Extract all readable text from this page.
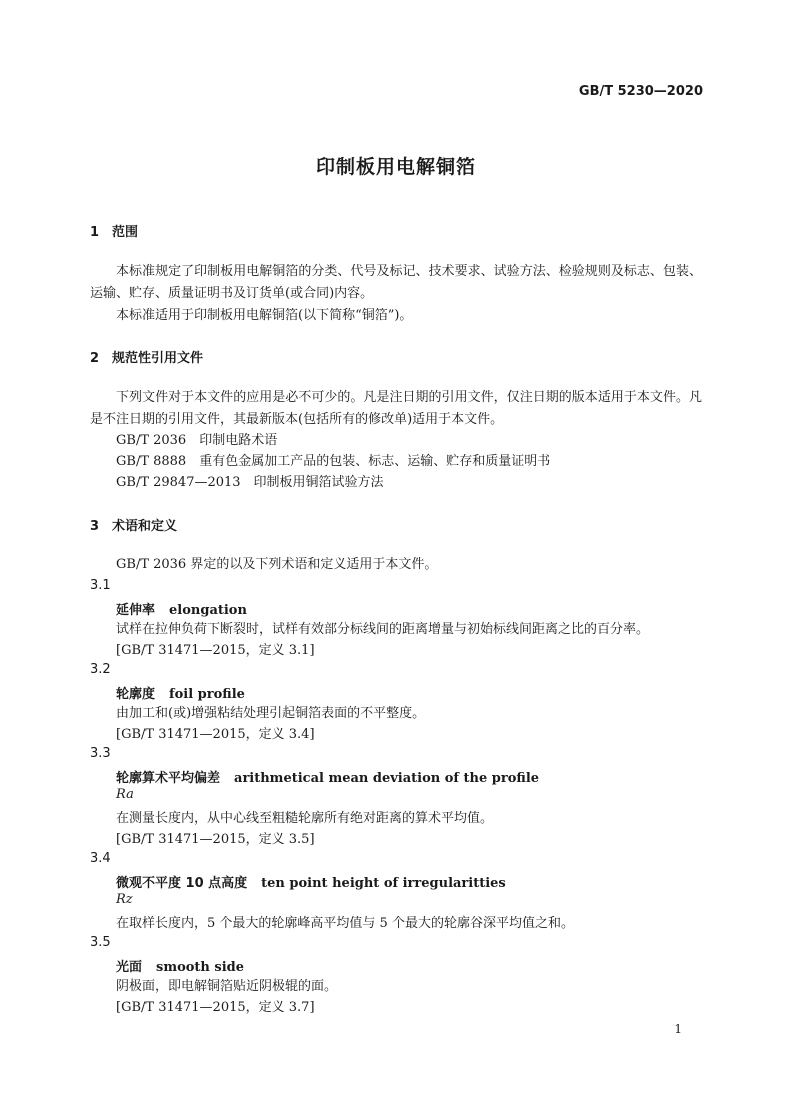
GB/T 5230—2020
印制板用电解铜箔
1 范围
本标准规定了印制板用电解铜箔的分类、代号及标记、技术要求、试验方法、检验规则及标志、包装、运输、贮存、质量证明书及订货单(或合同)内容。
本标准适用于印制板用电解铜箔(以下简称“铜箔”)。
2 规范性引用文件
下列文件对于本文件的应用是必不可少的。凡是注日期的引用文件，仅注日期的版本适用于本文件。凡是不注日期的引用文件，其最新版本(包括所有的修改单)适用于本文件。
GB/T 2036　印制电路术语
GB/T 8888　重有色金属加工产品的包装、标志、运输、贮存和质量证明书
GB/T 29847—2013　印制板用铜箔试验方法
3 术语和定义
GB/T 2036 界定的以及下列术语和定义适用于本文件。
3.1
延伸率 elongation
试样在拉伸负荷下断裂时，试样有效部分标线间的距离增量与初始标线间距离之比的百分率。
[GB/T 31471—2015，定义 3.1]
3.2
轮廓度 foil profile
由加工和(或)增强粘结处理引起铜箔表面的不平整度。
[GB/T 31471—2015，定义 3.4]
3.3
轮廓算术平均偏差 arithmetical mean deviation of the profile
Ra
在测量长度内，从中心线至粗糙轮廓所有绝对距离的算术平均值。
[GB/T 31471—2015，定义 3.5]
3.4
微观不平度 10 点高度 ten point height of irregularitties
Rz
在取样长度内，5 个最大的轮廓峰高平均值与 5 个最大的轮廓谷深平均值之和。
3.5
光面 smooth side
阴极面，即电解铜箔贴近阴极辊的面。
[GB/T 31471—2015，定义 3.7]
1
